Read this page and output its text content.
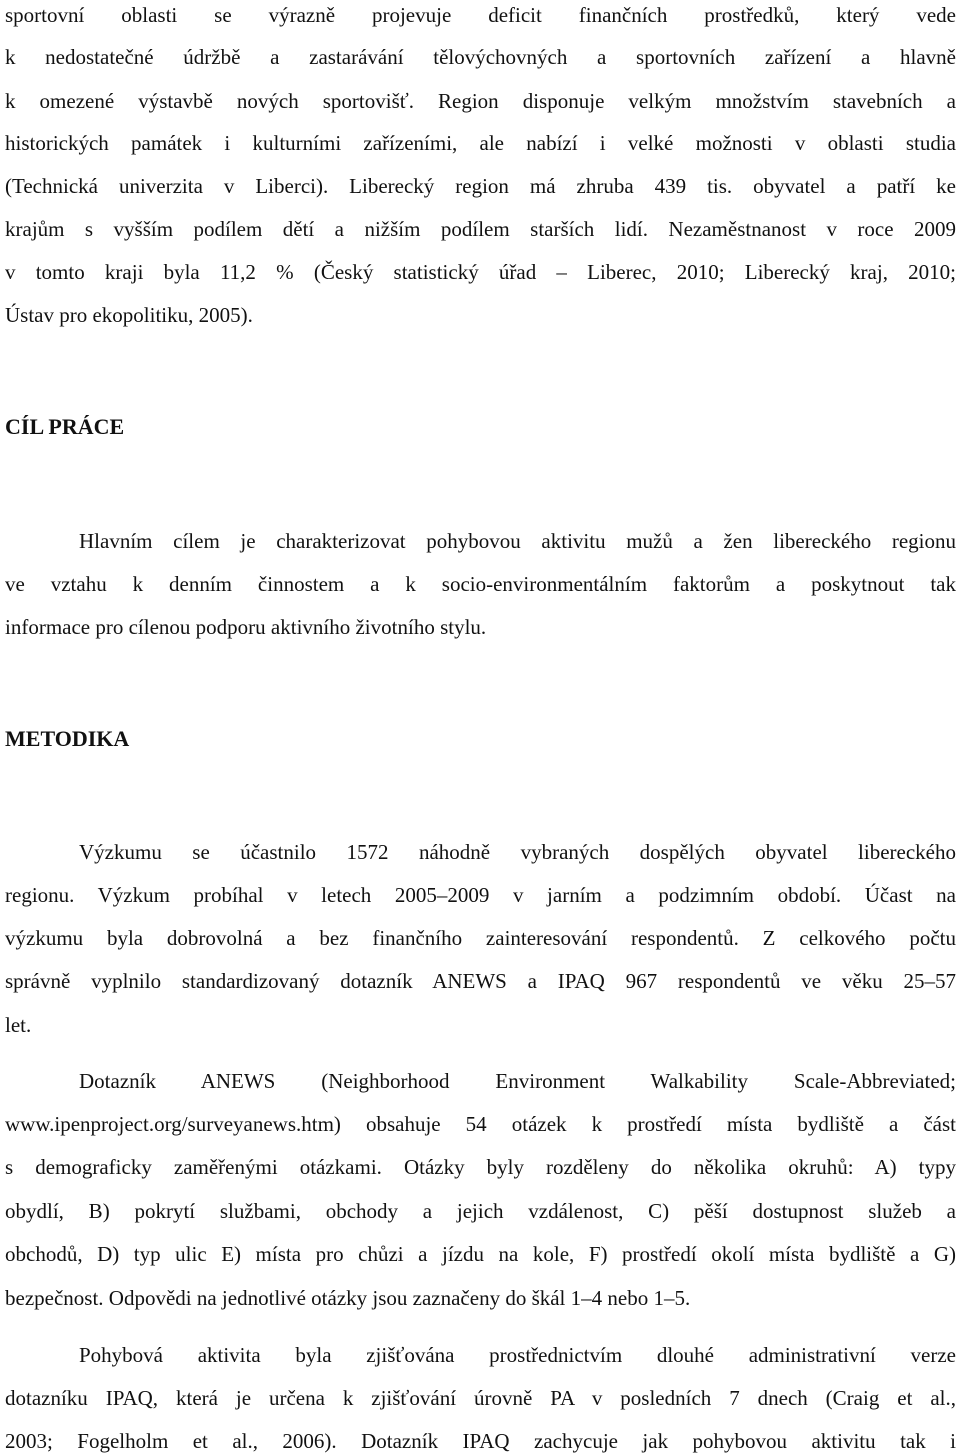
sportovní oblasti se výrazně projevuje deficit finančních prostředků, který vede
k nedostatečné údržbě a zastarávání tělovýchovných a sportovních zařízení a hlavně
k omezené výstavbě nových sportovišť. Region disponuje velkým množstvím stavebních a
historických památek i kulturními zařízeními, ale nabízí i velké možnosti v oblasti studia
(Technická univerzita v Liberci). Liberecký region má zhruba 439 tis. obyvatel a patří ke
krajům s vyšším podílem dětí a nižším podílem starších lidí. Nezaměstnanost v roce 2009
v tomto kraji byla 11,2 % (Český statistický úřad – Liberec, 2010; Liberecký kraj, 2010;
Ústav pro ekopolitiku, 2005).
CÍL PRÁCE
Hlavním cílem je charakterizovat pohybovou aktivitu mužů a žen libereckého regionu
ve vztahu k denním činnostem a k socio-environmentálním faktorům a poskytnout tak
informace pro cílenou podporu aktivního životního stylu.
METODIKA
Výzkumu se účastnilo 1572 náhodně vybraných dospělých obyvatel libereckého
regionu. Výzkum probíhal v letech 2005–2009 v jarním a podzimním období. Účast na
výzkumu byla dobrovolná a bez finančního zainteresování respondentů. Z celkového počtu
správně vyplnilo standardizovaný dotazník ANEWS a IPAQ 967 respondentů ve věku 25–57
let.
Dotazník ANEWS (Neighborhood Environment Walkability Scale-Abbreviated;
www.ipenproject.org/surveyanews.htm) obsahuje 54 otázek k prostředí místa bydliště a část
s demograficky zaměřenými otázkami. Otázky byly rozděleny do několika okruhů: A) typy
obydlí, B) pokrytí službami, obchody a jejich vzdálenost, C) pěší dostupnost služeb a
obchodů, D) typ ulic E) místa pro chůzi a jízdu na kole, F) prostředí okolí místa bydliště a G)
bezpečnost. Odpovědi na jednotlivé otázky jsou zaznačeny do škál 1–4 nebo 1–5.
Pohybová aktivita byla zjišťována prostřednictvím dlouhé administrativní verze
dotazníku IPAQ, která je určena k zjišťování úrovně PA v posledních 7 dnech (Craig et al.,
2003; Fogelholm et al., 2006). Dotazník IPAQ zachycuje jak pohybovou aktivitu tak i
